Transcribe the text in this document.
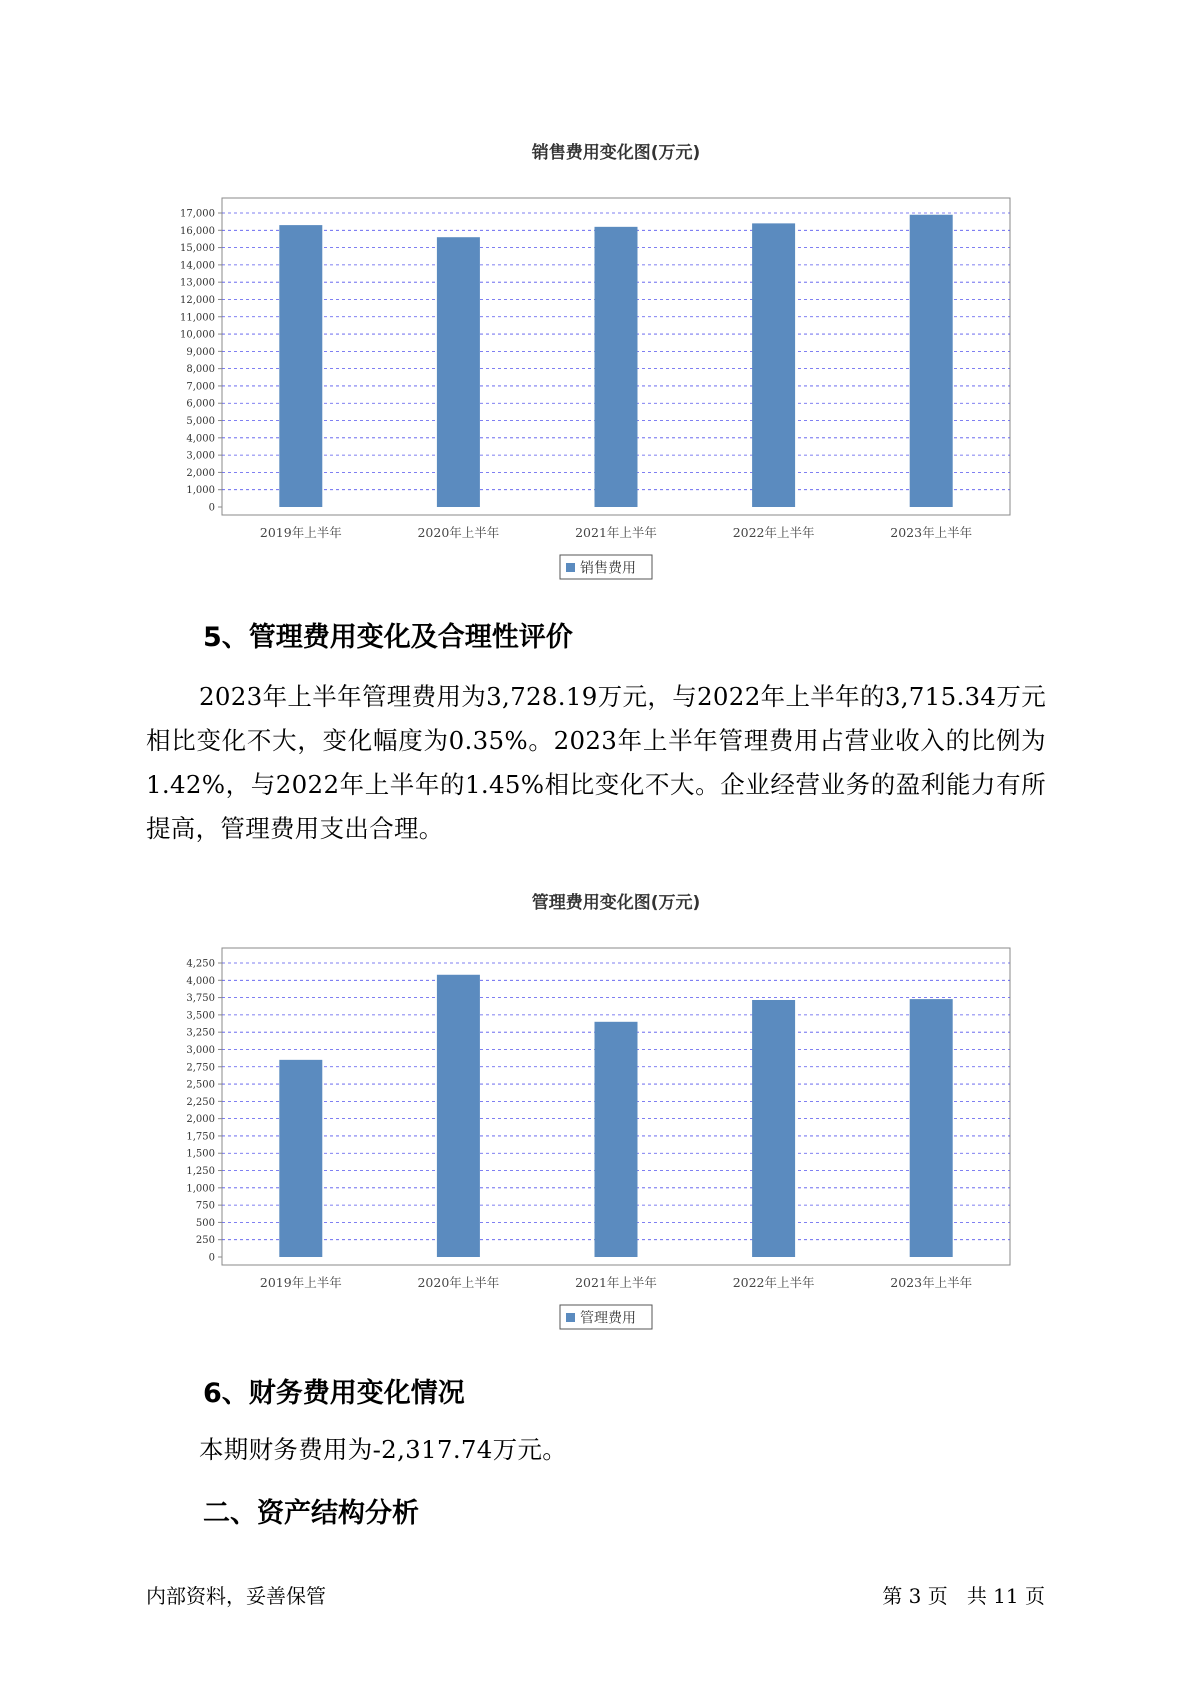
销售费用变化图(万元)
0
1,000
2,000
3,000
4,000
5,000
6,000
7,000
8,000
9,000
10,000
11,000
12,000
13,000
14,000
15,000
16,000
17,000
2019年上半年	2020年上半年	2021年上半年	2022年上半年	2023年上半年
销售费用
5、管理费用变化及合理性评价

2023年上半年管理费用为3,728.19万元，与2022年上半年的3,715.34万元相比变化不大，变化幅度为0.35%。2023年上半年管理费用占营业收入的比例为1.42%，与2022年上半年的1.45%相比变化不大。企业经营业务的盈利能力有所提高，管理费用支出合理。

管理费用变化图(万元)
0
250
500
750
1,000
1,250
1,500
1,750
2,000
2,250
2,500
2,750
3,000
3,250
3,500
3,750
4,000
4,250
2019年上半年	2020年上半年	2021年上半年	2022年上半年	2023年上半年
管理费用
6、财务费用变化情况

本期财务费用为-2,317.74万元。

二、资产结构分析
内部资料，妥善保管	第 3 页   共 11 页
